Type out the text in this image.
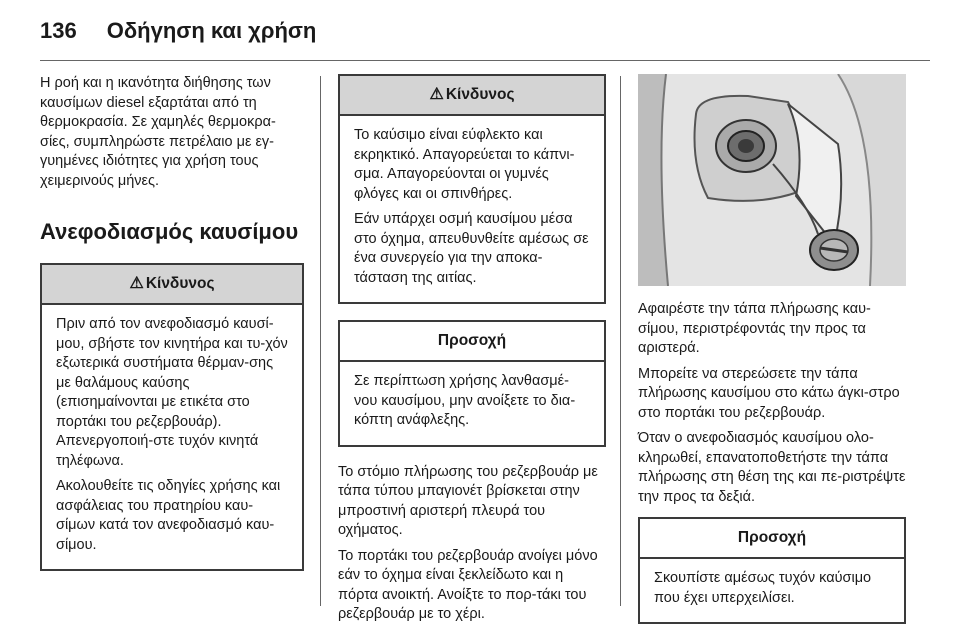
136 Οδήγηση και χρήση

Η ροή και η ικανότητα διήθησης των καυσίμων diesel εξαρτάται από τη θερμοκρασία. Σε χαμηλές θερμοκρα-σίες, συμπληρώστε πετρέλαιο με εγ-γυημένες ιδιότητες για χρήση τους χειμερινούς μήνες.

Ανεφοδιασμός καυσίμου
⚠ Κίνδυνος

Πριν από τον ανεφοδιασμό καυσί-μου, σβήστε τον κινητήρα και τυ-χόν εξωτερικά συστήματα θέρμαν-σης με θαλάμους καύσης (επισημαίνονται με ετικέτα στο πορτάκι του ρεζερβουάρ). Απενεργοποιή-στε τυχόν κινητά τηλέφωνα.

Ακολουθείτε τις οδηγίες χρήσης και ασφάλειας του πρατηρίου καυ-σίμων κατά τον ανεφοδιασμό καυ-σίμου.

⚠ Κίνδυνος

Το καύσιμο είναι εύφλεκτο και εκρηκτικό. Απαγορεύεται το κάπνι-σμα. Απαγορεύονται οι γυμνές φλόγες και οι σπινθήρες.

Εάν υπάρχει οσμή καυσίμου μέσα στο όχημα, απευθυνθείτε αμέσως σε ένα συνεργείο για την αποκα-τάσταση της αιτίας.

Προσοχή

Σε περίπτωση χρήσης λανθασμέ-νου καυσίμου, μην ανοίξετε το δια-κόπτη ανάφλεξης.

Το στόμιο πλήρωσης του ρεζερβουάρ με τάπα τύπου μπαγιονέτ βρίσκεται στην μπροστινή αριστερή πλευρά του οχήματος.

Το πορτάκι του ρεζερβουάρ ανοίγει μόνο εάν το όχημα είναι ξεκλείδωτο και η πόρτα ανοικτή. Ανοίξτε το πορ-τάκι του ρεζερβουάρ με το χέρι.

Αφαιρέστε την τάπα πλήρωσης καυ-σίμου, περιστρέφοντάς την προς τα αριστερά.

Μπορείτε να στερεώσετε την τάπα πλήρωσης καυσίμου στο κάτω άγκι-στρο στο πορτάκι του ρεζερβουάρ.

Όταν ο ανεφοδιασμός καυσίμου ολο-κληρωθεί, επανατοποθετήστε την τάπα πλήρωσης στη θέση της και πε-ριστρέψτε την προς τα δεξιά.

Προσοχή

Σκουπίστε αμέσως τυχόν καύσιμο που έχει υπερχειλίσει.
